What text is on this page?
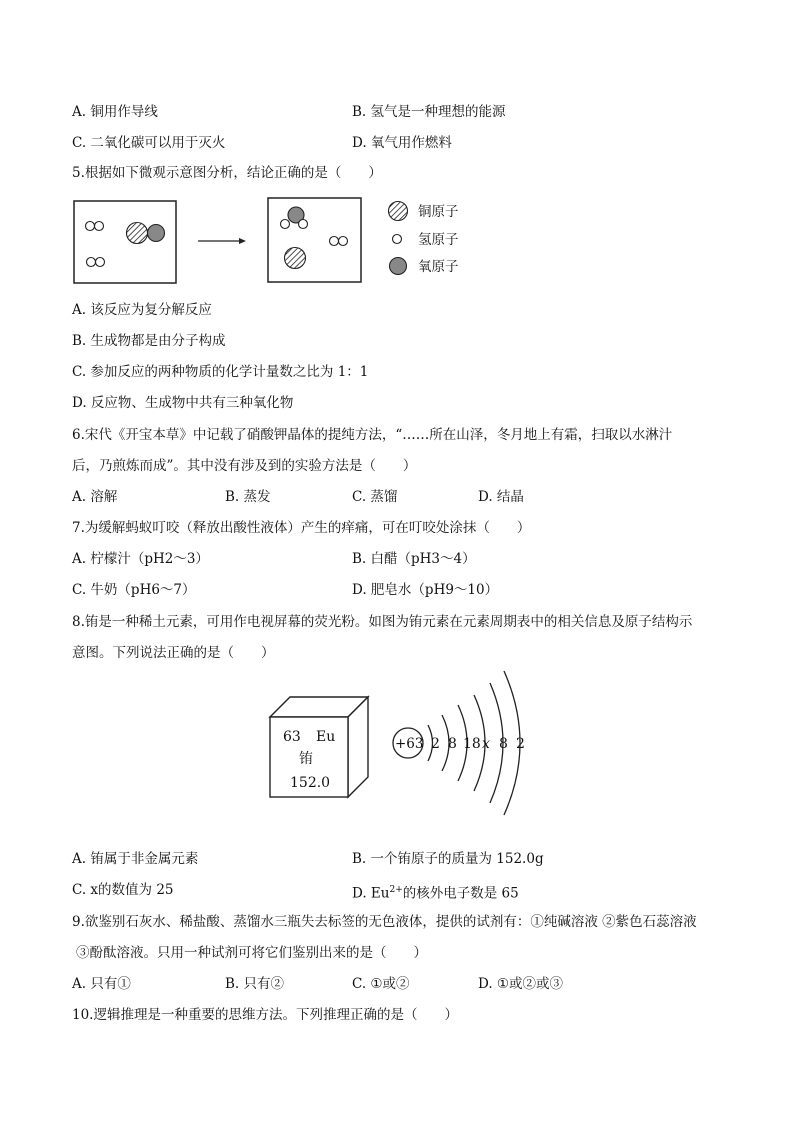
A. 铜用作导线	B. 氢气是一种理想的能源
C. 二氧化碳可以用于灭火	D. 氧气用作燃料
5.根据如下微观示意图分析，结论正确的是（　　）
铜原子
氢原子
氧原子
A. 该反应为复分解反应
B. 生成物都是由分子构成
C. 参加反应的两种物质的化学计量数之比为 1：1
D. 反应物、生成物中共有三种氧化物
6.宋代《开宝本草》中记载了硝酸钾晶体的提纯方法，“……所在山泽，冬月地上有霜，扫取以水淋汁
后，乃煎炼而成”。其中没有涉及到的实验方法是（　　）
A. 溶解	B. 蒸发	C. 蒸馏	D. 结晶
7.为缓解蚂蚁叮咬（释放出酸性液体）产生的痒痛，可在叮咬处涂抹（　　）
A. 柠檬汁（pH2～3）	B. 白醋（pH3～4）
C. 牛奶（pH6～7）	D. 肥皂水（pH9～10）
8.铕是一种稀土元素，可用作电视屏幕的荧光粉。如图为铕元素在元素周期表中的相关信息及原子结构示
意图。下列说法正确的是（　　）
63 Eu
铕
152.0
+63 2 8 18 x 8 2
A. 铕属于非金属元素	B. 一个铕原子的质量为 152.0g
C. x的数值为 25	D. $Eu^{2+}$的核外电子数是 65
9.欲鉴别石灰水、稀盐酸、蒸馏水三瓶失去标签的无色液体，提供的试剂有：①纯碱溶液 ②紫色石蕊溶液
③酚酞溶液。只用一种试剂可将它们鉴别出来的是（　　）
A. 只有①	B. 只有②	C. ①或②	D. ①或②或③
10.逻辑推理是一种重要的思维方法。下列推理正确的是（　　）
